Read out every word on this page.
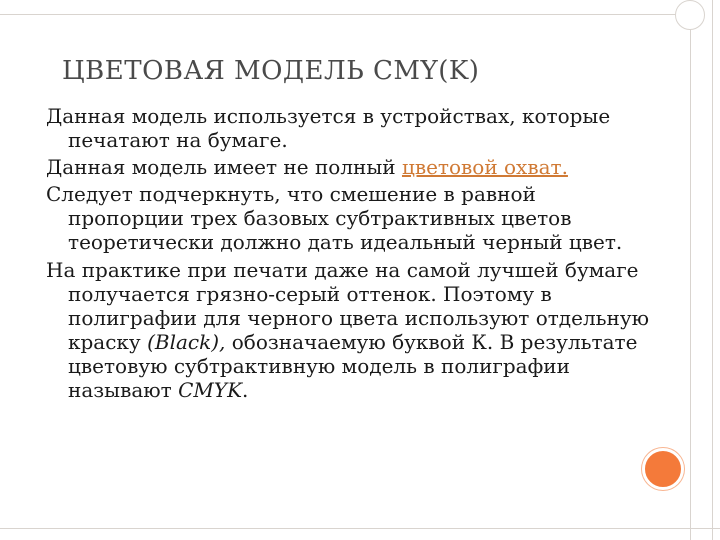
ЦВЕТОВАЯ МОДЕЛЬ CMY(K)

Данная модель используется в устройствах, которые печатают на бумаге.

Данная модель имеет не полный цветовой охват.

Следует подчеркнуть, что смешение в равной пропорции трех базовых субтрактивных цветов теоретически должно дать идеальный черный цвет.

На практике при печати даже на самой лучшей бумаге получается грязно-серый оттенок. Поэтому в полиграфии для черного цвета используют отдельную краску (Black), обозначаемую буквой К. В результате цветовую субтрактивную модель в полиграфии называют CMYK.
